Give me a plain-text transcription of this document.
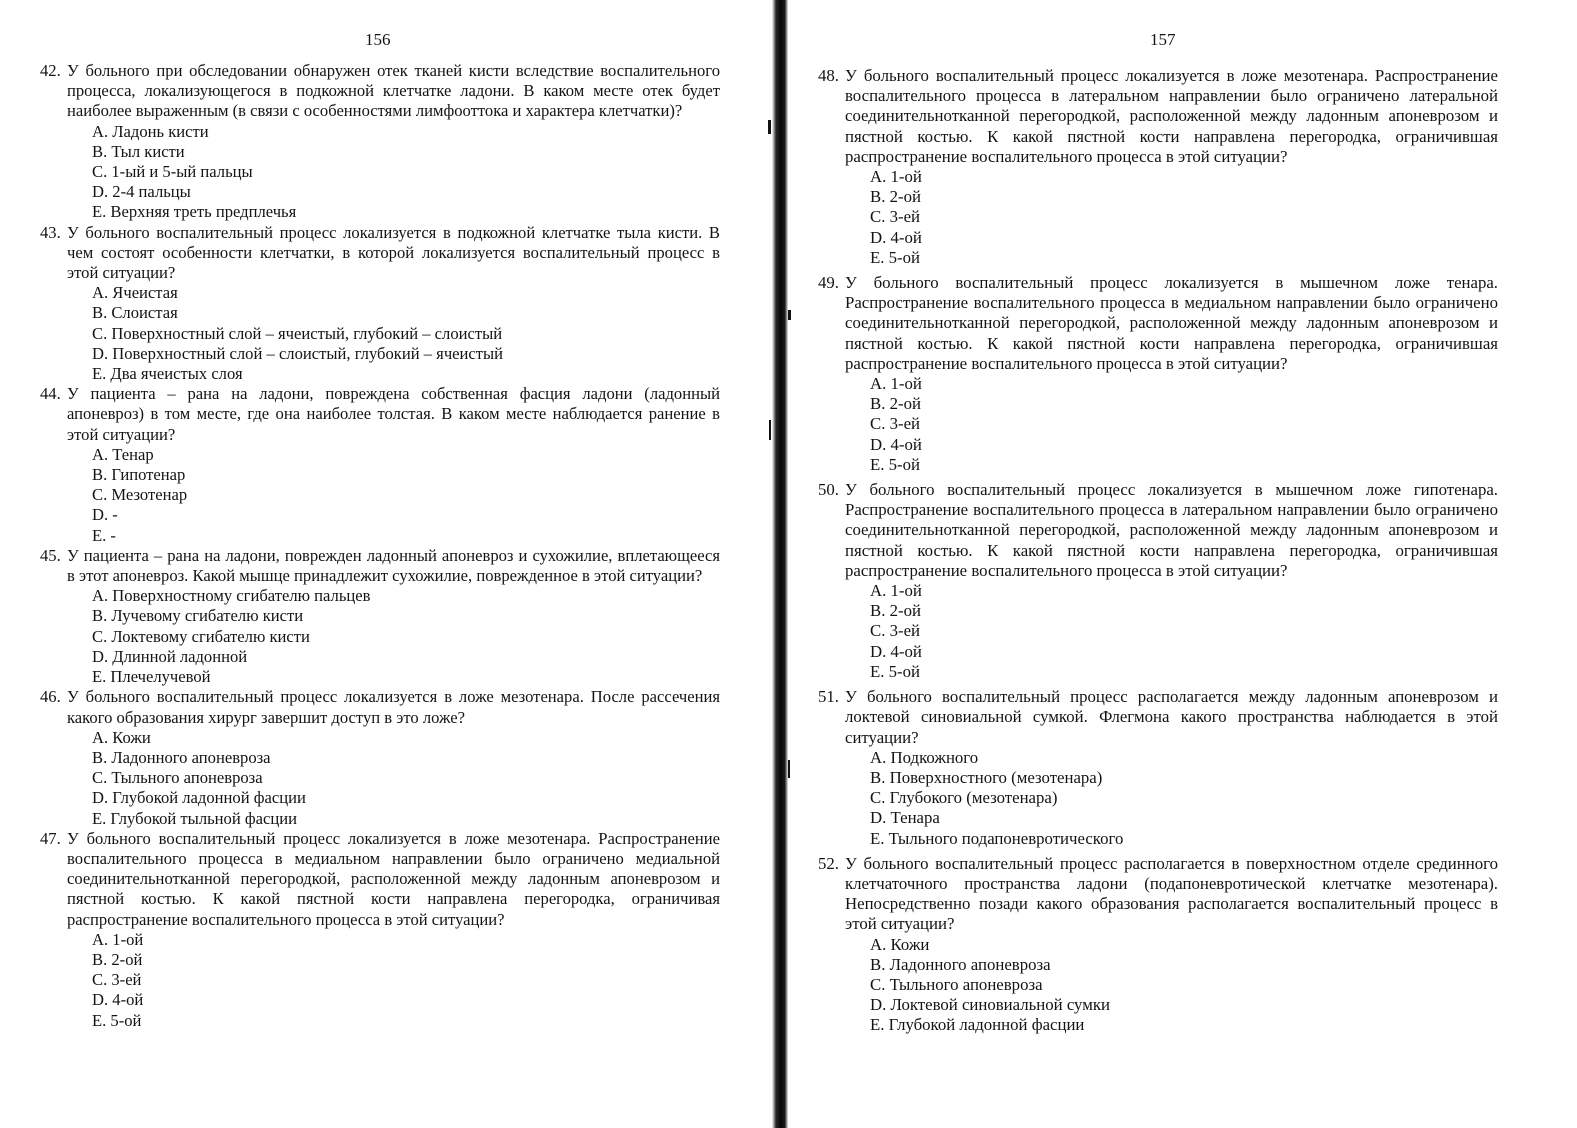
156
42. У больного при обследовании обнаружен отек тканей кисти вследствие воспалительного процесса, локализующегося в подкожной клетчатке ладони. В каком месте отек будет наиболее выраженным (в связи с особенностями лимфооттока и характера клетчатки)?
A. Ладонь кисти
B. Тыл кисти
C. 1-ый и 5-ый пальцы
D. 2-4 пальцы
E. Верхняя треть предплечья
43. У больного воспалительный процесс локализуется в подкожной клетчатке тыла кисти. В чем состоят особенности клетчатки, в которой локализуется воспалительный процесс в этой ситуации?
A. Ячеистая
B. Слоистая
C. Поверхностный слой – ячеистый, глубокий – слоистый
D. Поверхностный слой – слоистый, глубокий – ячеистый
E. Два ячеистых слоя
44. У пациента – рана на ладони, повреждена собственная фасция ладони (ладонный апоневроз) в том месте, где она наиболее толстая. В каком месте наблюдается ранение в этой ситуации?
A. Тенар
B. Гипотенар
C. Мезотенар
D. -
E. -
45. У пациента – рана на ладони, поврежден ладонный апоневроз и сухожилие, вплетающееся в этот апоневроз. Какой мышце принадлежит сухожилие, поврежденное в этой ситуации?
A. Поверхностному сгибателю пальцев
B. Лучевому сгибателю кисти
C. Локтевому сгибателю кисти
D. Длинной ладонной
E. Плечелучевой
46. У больного воспалительный процесс локализуется в ложе мезотенара. После рассечения какого образования хирург завершит доступ в это ложе?
A. Кожи
B. Ладонного апоневроза
C. Тыльного апоневроза
D. Глубокой ладонной фасции
E. Глубокой тыльной фасции
47. У больного воспалительный процесс локализуется в ложе мезотенара. Распространение воспалительного процесса в медиальном направлении было ограничено медиальной соединительнотканной перегородкой, расположенной между ладонным апоневрозом и пястной костью. К какой пястной кости направлена перегородка, ограничивая распространение воспалительного процесса в этой ситуации?
A. 1-ой
B. 2-ой
C. 3-ей
D. 4-ой
E. 5-ой
157
48. У больного воспалительный процесс локализуется в ложе мезотенара. Распространение воспалительного процесса в латеральном направлении было ограничено латеральной соединительнотканной перегородкой, расположенной между ладонным апоневрозом и пястной костью. К какой пястной кости направлена перегородка, ограничившая распространение воспалительного процесса в этой ситуации?
A. 1-ой
B. 2-ой
C. 3-ей
D. 4-ой
E. 5-ой
49. У больного воспалительный процесс локализуется в мышечном ложе тенара. Распространение воспалительного процесса в медиальном направлении было ограничено соединительнотканной перегородкой, расположенной между ладонным апоневрозом и пястной костью. К какой пястной кости направлена перегородка, ограничившая распространение воспалительного процесса в этой ситуации?
A. 1-ой
B. 2-ой
C. 3-ей
D. 4-ой
E. 5-ой
50. У больного воспалительный процесс локализуется в мышечном ложе гипотенара. Распространение воспалительного процесса в латеральном направлении было ограничено соединительнотканной перегородкой, расположенной между ладонным апоневрозом и пястной костью. К какой пястной кости направлена перегородка, ограничившая распространение воспалительного процесса в этой ситуации?
A. 1-ой
B. 2-ой
C. 3-ей
D. 4-ой
E. 5-ой
51. У больного воспалительный процесс располагается между ладонным апоневрозом и локтевой синовиальной сумкой. Флегмона какого пространства наблюдается в этой ситуации?
A. Подкожного
B. Поверхностного (мезотенара)
C. Глубокого (мезотенара)
D. Тенара
E. Тыльного подапоневротического
52. У больного воспалительный процесс располагается в поверхностном отделе срединного клетчаточного пространства ладони (подапоневротической клетчатке мезотенара). Непосредственно позади какого образования располагается воспалительный процесс в этой ситуации?
A. Кожи
B. Ладонного апоневроза
C. Тыльного апоневроза
D. Локтевой синовиальной сумки
E. Глубокой ладонной фасции
